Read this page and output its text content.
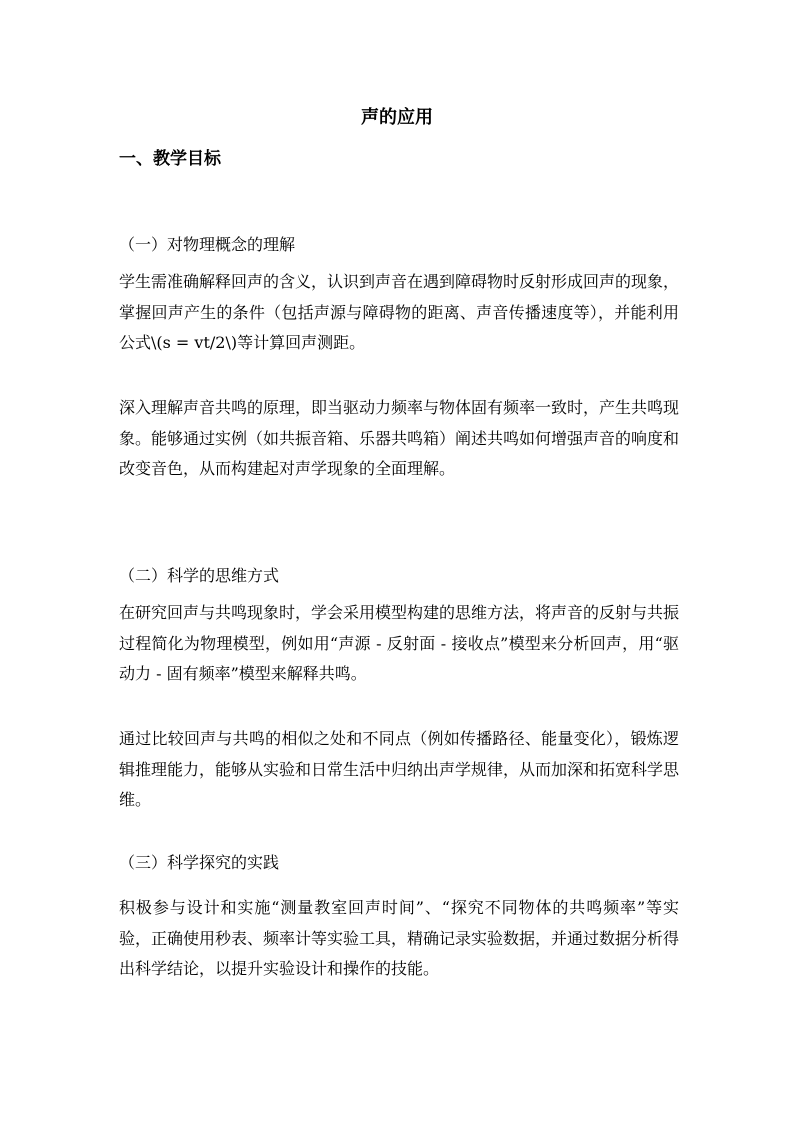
声的应用
一、教学目标
（一）对物理概念的理解
学生需准确解释回声的含义，认识到声音在遇到障碍物时反射形成回声的现象，掌握回声产生的条件（包括声源与障碍物的距离、声音传播速度等），并能利用公式\(s = vt/2\)等计算回声测距。
深入理解声音共鸣的原理，即当驱动力频率与物体固有频率一致时，产生共鸣现象。能够通过实例（如共振音箱、乐器共鸣箱）阐述共鸣如何增强声音的响度和改变音色，从而构建起对声学现象的全面理解。
（二）科学的思维方式
在研究回声与共鸣现象时，学会采用模型构建的思维方法，将声音的反射与共振过程简化为物理模型，例如用“声源 - 反射面 - 接收点”模型来分析回声，用“驱动力 - 固有频率”模型来解释共鸣。
通过比较回声与共鸣的相似之处和不同点（例如传播路径、能量变化），锻炼逻辑推理能力，能够从实验和日常生活中归纳出声学规律，从而加深和拓宽科学思维。
（三）科学探究的实践
积极参与设计和实施“测量教室回声时间”、“探究不同物体的共鸣频率”等实验，正确使用秒表、频率计等实验工具，精确记录实验数据，并通过数据分析得出科学结论，以提升实验设计和操作的技能。
